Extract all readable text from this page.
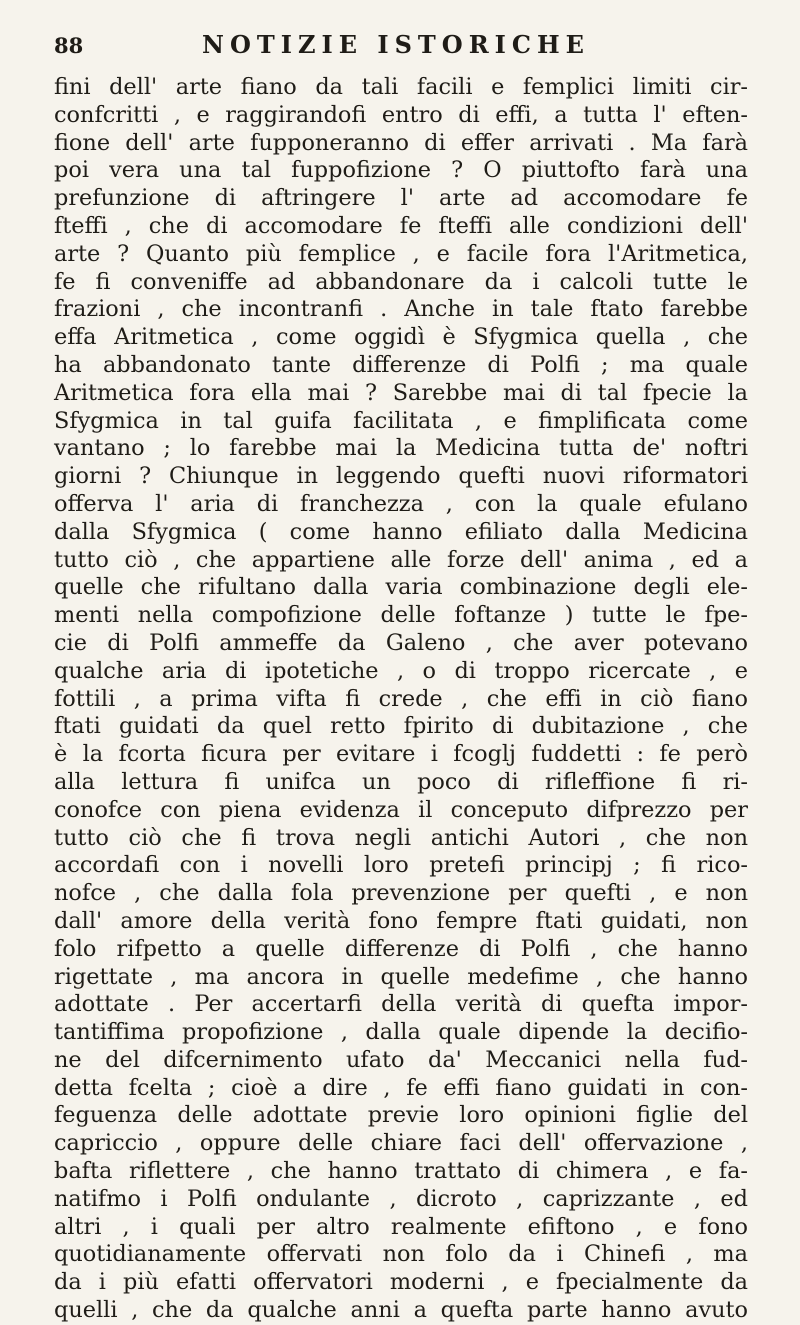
88	NOTIZIE ISTORICHE
fini dell' arte fiano da tali facili e femplici limiti cir-
confcritti , e raggirandofi entro di effi, a tutta l' eften-
fione dell' arte fupponeranno di effer arrivati . Ma farà
poi vera una tal fuppofizione ? O piuttofto farà una
prefunzione di aftringere l' arte ad accomodare fe
fteffi , che di accomodare fe fteffi alle condizioni dell'
arte ? Quanto più femplice , e facile fora l'Aritmetica,
fe fi conveniffe ad abbandonare da i calcoli tutte le
frazioni , che incontranfi . Anche in tale ftato farebbe
effa Aritmetica , come oggidì è Sfygmica quella , che
ha abbandonato tante differenze di Polfi ; ma quale
Aritmetica fora ella mai ? Sarebbe mai di tal fpecie la
Sfygmica in tal guifa facilitata , e fimplificata come
vantano ; lo farebbe mai la Medicina tutta de' noftri
giorni ? Chiunque in leggendo quefti nuovi riformatori
offerva l' aria di franchezza , con la quale efulano
dalla Sfygmica ( come hanno efiliato dalla Medicina
tutto ciò , che appartiene alle forze dell' anima , ed a
quelle che rifultano dalla varia combinazione degli ele-
menti nella compofizione delle foftanze ) tutte le fpe-
cie di Polfi ammeffe da Galeno , che aver potevano
qualche aria di ipotetiche , o di troppo ricercate , e
fottili , a prima vifta fi crede , che effi in ciò fiano
ftati guidati da quel retto fpirito di dubitazione , che
è la fcorta ficura per evitare i fcoglj fuddetti : fe però
alla lettura fi unifca un poco di rifleffione fi ri-
conofce con piena evidenza il conceputo difprezzo per
tutto ciò che fi trova negli antichi Autori , che non
accordafi con i novelli loro pretefi principj ; fi rico-
nofce , che dalla fola prevenzione per quefti , e non
dall' amore della verità fono fempre ftati guidati, non
folo rifpetto a quelle differenze di Polfi , che hanno
rigettate , ma ancora in quelle medefime , che hanno
adottate . Per accertarfi della verità di quefta impor-
tantiffima propofizione , dalla quale dipende la decifio-
ne del difcernimento ufato da' Meccanici nella fud-
detta fcelta ; cioè a dire , fe effi fiano guidati in con-
feguenza delle adottate previe loro opinioni figlie del
capriccio , oppure delle chiare faci dell' offervazione ,
bafta riflettere , che hanno trattato di chimera , e fa-
natifmo i Polfi ondulante , dicroto , caprizzante , ed
altri , i quali per altro realmente efiftono , e fono
quotidianamente offervati non folo da i Chinefi , ma
da i più efatti offervatori moderni , e fpecialmente da
quelli , che da qualche anni a quefta parte hanno avuto
